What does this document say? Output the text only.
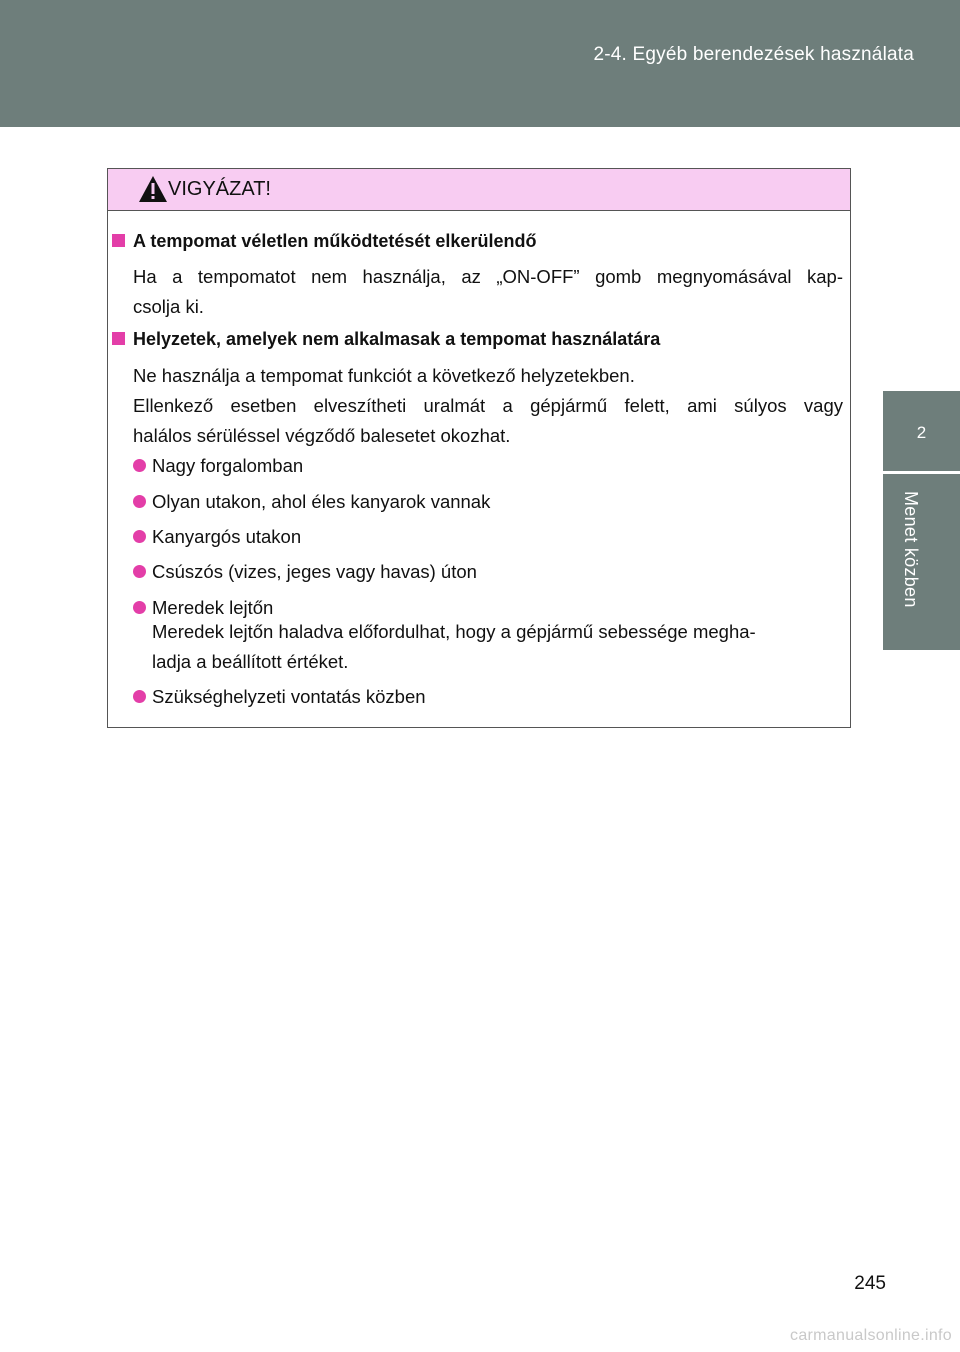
2-4. Egyéb berendezések használata
2
Menet közben
VIGYÁZAT!
A tempomat véletlen működtetését elkerülendő
Ha a tempomatot nem használja, az „ON-OFF” gomb megnyomásával kap-
csolja ki.
Helyzetek, amelyek nem alkalmasak a tempomat használatára
Ne használja a tempomat funkciót a következő helyzetekben.
Ellenkező esetben elveszítheti uralmát a gépjármű felett, ami súlyos vagy
halálos sérüléssel végződő balesetet okozhat.
Nagy forgalomban
Olyan utakon, ahol éles kanyarok vannak
Kanyargós utakon
Csúszós (vizes, jeges vagy havas) úton
Meredek lejtőn
Meredek lejtőn haladva előfordulhat, hogy a gépjármű sebessége megha-
ladja a beállított értéket.
Szükséghelyzeti vontatás közben
245
carmanualsonline.info
